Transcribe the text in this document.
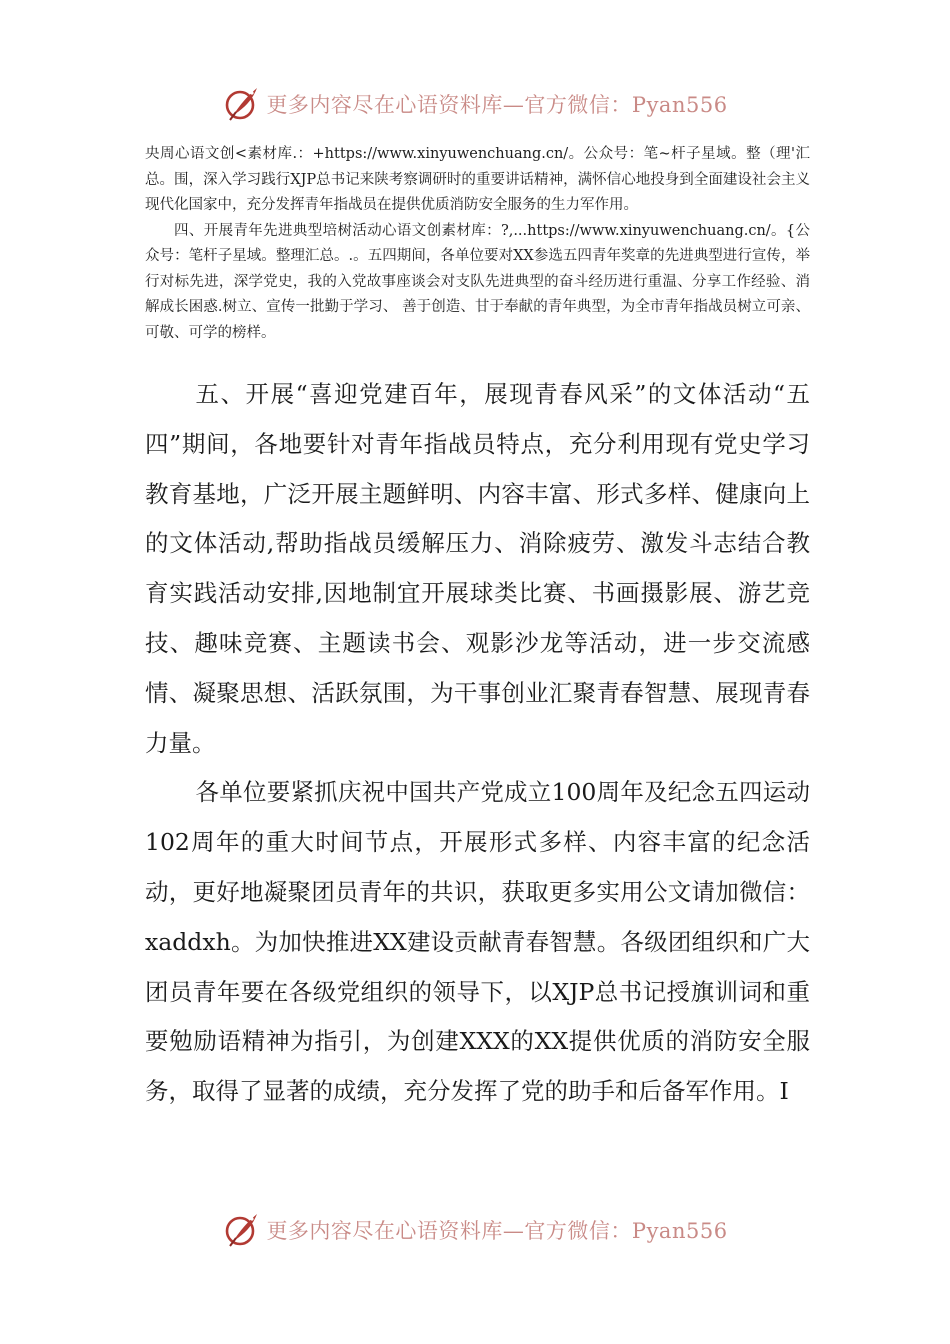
更多内容尽在心语资料库—官方微信：Pyan556

央周心语文创<素材库.：+https://www.xinyuwenchuang.cn/。公众号：笔~杆子星域。整（理'汇总。围，深入学习践行XJP总书记来陕考察调研时的重要讲话精神，满怀信心地投身到全面建设社会主义现代化国家中，充分发挥青年指战员在提供优质消防安全服务的生力军作用。

四、开展青年先进典型培树活动心语文创素材库：?,...https://www.xinyuwenchuang.cn/。{公众号：笔杆子星域。整理汇总。.。五四期间，各单位要对XX参选五四青年奖章的先进典型进行宣传，举行对标先进，深学党史，我的入党故事座谈会对支队先进典型的奋斗经历进行重温、分享工作经验、消解成长困惑.树立、宣传一批勤于学习、 善于创造、甘于奉献的青年典型，为全市青年指战员树立可亲、可敬、可学的榜样。

五、开展“喜迎党建百年，展现青春风采”的文体活动“五四”期间，各地要针对青年指战员特点，充分利用现有党史学习教育基地，广泛开展主题鲜明、内容丰富、形式多样、健康向上的文体活动,帮助指战员缓解压力、消除疲劳、激发斗志结合教育实践活动安排,因地制宜开展球类比赛、书画摄影展、游艺竞技、趣味竞赛、主题读书会、观影沙龙等活动，进一步交流感情、凝聚思想、活跃氛围，为干事创业汇聚青春智慧、展现青春力量。

各单位要紧抓庆祝中国共产党成立100周年及纪念五四运动102周年的重大时间节点，开展形式多样、内容丰富的纪念活动，更好地凝聚团员青年的共识，获取更多实用公文请加微信：xaddxh。为加快推进XX建设贡献青春智慧。各级团组织和广大团员青年要在各级党组织的领导下，以XJP总书记授旗训词和重要勉励语精神为指引，为创建XXX的XX提供优质的消防安全服务，取得了显著的成绩，充分发挥了党的助手和后备军作用。I

更多内容尽在心语资料库—官方微信：Pyan556
